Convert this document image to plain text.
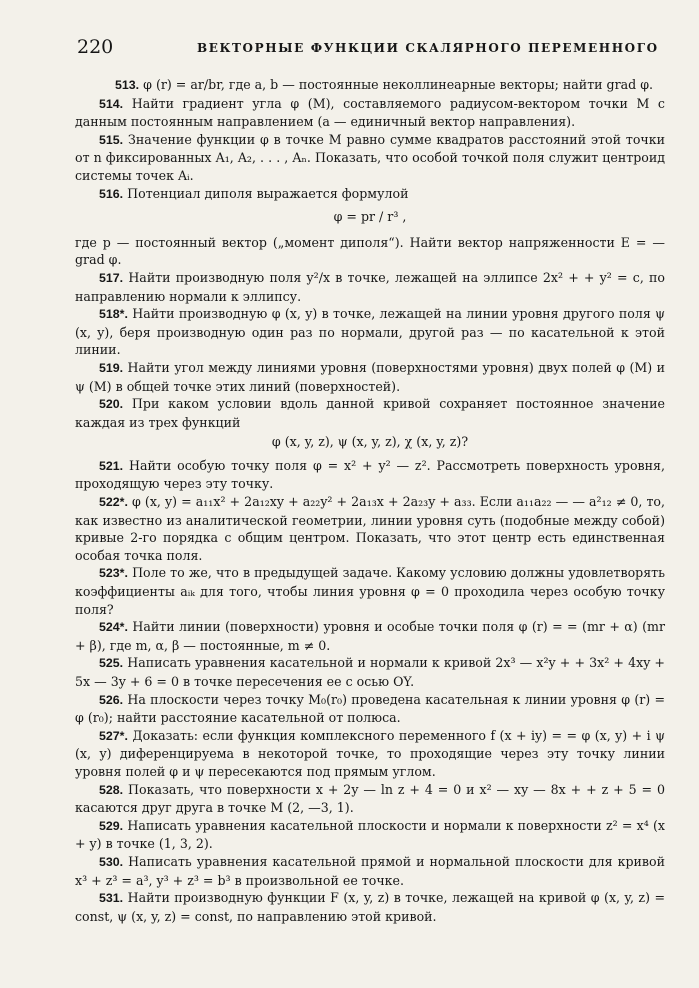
220	ВЕКТОРНЫЕ ФУНКЦИИ СКАЛЯРНОГО ПЕРЕМЕННОГО
513. φ (r) = ar/br, где a, b — постоянные неколлинеарные векторы; найти grad φ.
514. Найти градиент угла φ (M), составляемого радиусом-вектором точки M с данным постоянным направлением (a — единичный вектор направления).
515. Значение функции φ в точке M равно сумме квадратов расстояний этой точки от n фиксированных A₁, A₂, . . . , Aₙ. Показать, что особой точкой поля служит центроид системы точек Aᵢ.
516. Потенциал диполя выражается формулой
φ = pr / r³ ,
где p — постоянный вектор („момент диполя“). Найти вектор напряженности E = — grad φ.
517. Найти производную поля y²/x в точке, лежащей на эллипсе 2x² + + y² = c, по направлению нормали к эллипсу.
518*. Найти производную φ (x, y) в точке, лежащей на линии уровня другого поля ψ (x, y), беря производную один раз по нормали, другой раз — по касательной к этой линии.
519. Найти угол между линиями уровня (поверхностями уровня) двух полей φ (M) и ψ (M) в общей точке этих линий (поверхностей).
520. При каком условии вдоль данной кривой сохраняет постоянное значение каждая из трех функций
φ (x, y, z), ψ (x, y, z), χ (x, y, z)?
521. Найти особую точку поля φ = x² + y² — z². Рассмотреть поверхность уровня, проходящую через эту точку.
522*. φ (x, y) = a₁₁x² + 2a₁₂xy + a₂₂y² + 2a₁₃x + 2a₂₃y + a₃₃. Если a₁₁a₂₂ — — a²₁₂ ≠ 0, то, как известно из аналитической геометрии, линии уровня суть (подобные между собой) кривые 2-го порядка с общим центром. Показать, что этот центр есть единственная особая точка поля.
523*. Поле то же, что в предыдущей задаче. Какому условию должны удовлетворять коэффициенты aᵢₖ для того, чтобы линия уровня φ = 0 проходила через особую точку поля?
524*. Найти линии (поверхности) уровня и особые точки поля φ (r) = = (mr + α) (mr + β), где m, α, β — постоянные, m ≠ 0.
525. Написать уравнения касательной и нормали к кривой 2x³ — x²y + + 3x² + 4xy + 5x — 3y + 6 = 0 в точке пересечения ее с осью OY.
526. На плоскости через точку M₀(r₀) проведена касательная к линии уровня φ (r) = φ (r₀); найти расстояние касательной от полюса.
527*. Доказать: если функция комплексного переменного f (x + iy) = = φ (x, y) + i ψ (x, y) диференцируема в некоторой точке, то проходящие через эту точку линии уровня полей φ и ψ пересекаются под прямым углом.
528. Показать, что поверхности x + 2y — ln z + 4 = 0 и x² — xy — 8x + + z + 5 = 0 касаются друг друга в точке M (2, —3, 1).
529. Написать уравнения касательной плоскости и нормали к поверхности z² = x⁴ (x + y) в точке (1, 3, 2).
530. Написать уравнения касательной прямой и нормальной плоскости для кривой x³ + z³ = a³, y³ + z³ = b³ в произвольной ее точке.
531. Найти производную функции F (x, y, z) в точке, лежащей на кривой φ (x, y, z) = const, ψ (x, y, z) = const, по направлению этой кривой.
